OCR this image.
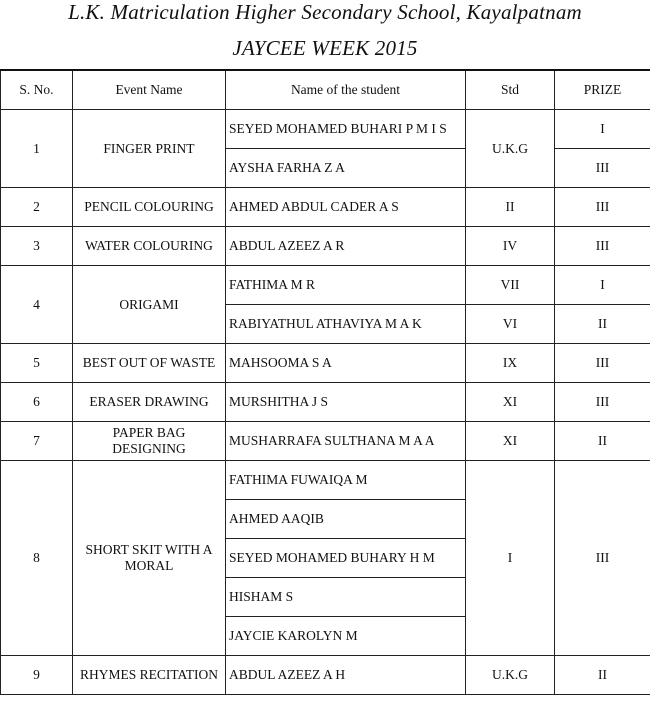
L.K. Matriculation Higher Secondary School, Kayalpatnam
JAYCEE WEEK 2015
S. No.	Event Name	Name of the student	Std	PRIZE
1	FINGER PRINT	SEYED MOHAMED BUHARI P M I S	U.K.G	I
		AYSHA FARHA Z A		III
2	PENCIL COLOURING	AHMED ABDUL CADER A S	II	III
3	WATER COLOURING	ABDUL AZEEZ A R	IV	III
4	ORIGAMI	FATHIMA M R	VII	I
		RABIYATHUL ATHAVIYA M A K	VI	II
5	BEST OUT OF WASTE	MAHSOOMA S A	IX	III
6	ERASER DRAWING	MURSHITHA J S	XI	III
7	PAPER BAG DESIGNING	MUSHARRAFA SULTHANA M A A	XI	II
8	SHORT SKIT WITH A MORAL	FATHIMA FUWAIQA M	I	III
		AHMED AAQIB		
		SEYED MOHAMED BUHARY H M		
		HISHAM S		
		JAYCIE KAROLYN M		
9	RHYMES RECITATION	ABDUL AZEEZ A H	U.K.G	II
